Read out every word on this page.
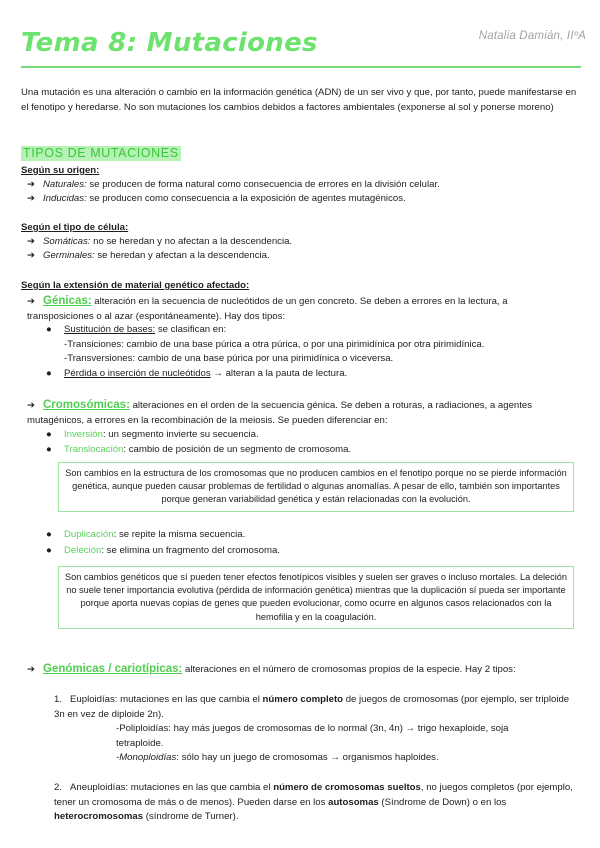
Natalia Damián, IIºA
Tema 8: Mutaciones
Una mutación es una alteración o cambio en la información genética (ADN) de un ser vivo y que, por tanto, puede manifestarse en el fenotipo y heredarse. No son mutaciones los cambios debidos a factores ambientales (exponerse al sol y ponerse moreno)
TIPOS DE MUTACIONES
Según su origen:
➔ Naturales: se producen de forma natural como consecuencia de errores en la división celular.
➔ Inducidas: se producen como consecuencia a la exposición de agentes mutagénicos.
Según el tipo de célula:
➔ Somáticas: no se heredan y no afectan a la descendencia.
➔ Germinales: se heredan y afectan a la descendencia.
Según la extensión de material genético afectado:
➔ Génicas: alteración en la secuencia de nucleótidos de un gen concreto. Se deben a errores en la lectura, a transposiciones o al azar (espontáneamente). Hay dos tipos:
● Sustitución de bases: se clasifican en:
-Transiciones: cambio de una base púrica a otra púrica, o por una pirimidínica por otra pirimidínica.
-Transversiones: cambio de una base púrica por una pirimidínica o viceversa.
● Pérdida o inserción de nucleótidos → alteran a la pauta de lectura.
➔ Cromosómicas: alteraciones en el orden de la secuencia génica. Se deben a roturas, a radiaciones, a agentes mutagénicos, a errores en la recombinación de la meiosis. Se pueden diferenciar en:
● Inversión: un segmento invierte su secuencia.
● Translocación: cambio de posición de un segmento de cromosoma.
Son cambios en la estructura de los cromosomas que no producen cambios en el fenotipo porque no se pierde información genética, aunque pueden causar problemas de fertilidad o algunas anomalías. A pesar de ello, también son importantes porque generan variabilidad genética y están relacionadas con la evolución.
● Duplicación: se repite la misma secuencia.
● Deleción: se elimina un fragmento del cromosoma.
Son cambios genéticos que sí pueden tener efectos fenotípicos visibles y suelen ser graves o incluso mortales. La deleción no suele tener importancia evolutiva (pérdida de información genética) mientras que la duplicación sí pueda ser importante porque aporta nuevas copias de genes que pueden evolucionar, como ocurre en algunos casos relacionados con la hemofilia y en la coagulación.
➔ Genómicas / cariotípicas: alteraciones en el número de cromosomas propios de la especie. Hay 2 tipos:
1. Euploidías: mutaciones en las que cambia el número completo de juegos de cromosomas (por ejemplo, ser triploide 3n en vez de diploide 2n).
-Poliploidías: hay más juegos de cromosomas de lo normal (3n, 4n) → trigo hexaploide, soja tetraploide.
-Monoploidías: sólo hay un juego de cromosomas → organismos haploides.
2. Aneuploidías: mutaciones en las que cambia el número de cromosomas sueltos, no juegos completos (por ejemplo, tener un cromosoma de más o de menos). Pueden darse en los autosomas (Síndrome de Down) o en los heterocromosomas (síndrome de Turner).
